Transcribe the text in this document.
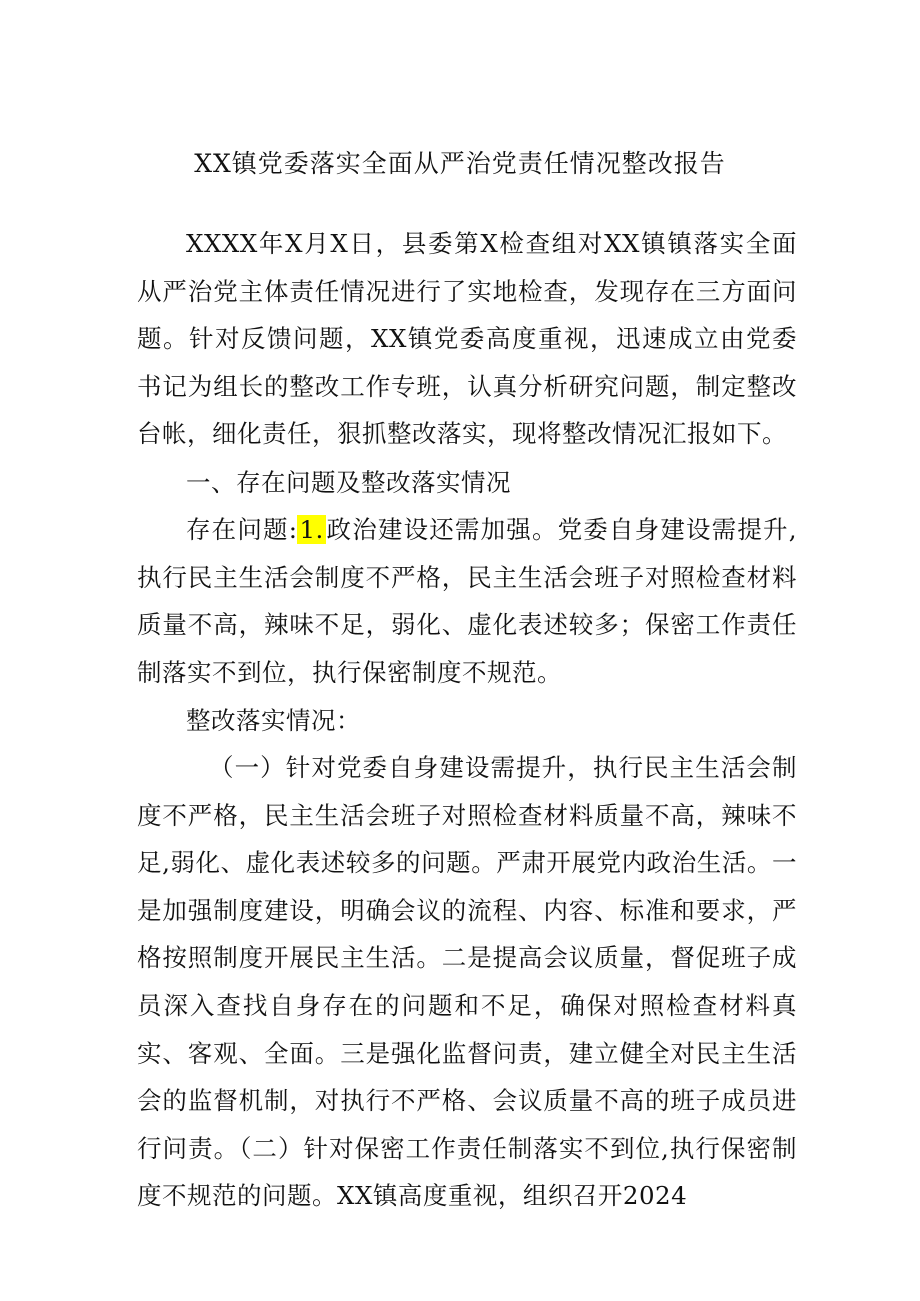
XX镇党委落实全面从严治党责任情况整改报告
XXXX年X月X日，县委第X检查组对XX镇镇落实全面从严治党主体责任情况进行了实地检查，发现存在三方面问题。针对反馈问题，XX镇党委高度重视，迅速成立由党委书记为组长的整改工作专班，认真分析研究问题，制定整改台帐，细化责任，狠抓整改落实，现将整改情况汇报如下。
一、存在问题及整改落实情况
存在问题:1.政治建设还需加强。党委自身建设需提升,执行民主生活会制度不严格，民主生活会班子对照检查材料质量不高，辣味不足，弱化、虚化表述较多；保密工作责任制落实不到位，执行保密制度不规范。
整改落实情况：
（一）针对党委自身建设需提升，执行民主生活会制度不严格，民主生活会班子对照检查材料质量不高，辣味不足,弱化、虚化表述较多的问题。严肃开展党内政治生活。一是加强制度建设，明确会议的流程、内容、标准和要求，严格按照制度开展民主生活。二是提高会议质量，督促班子成员深入查找自身存在的问题和不足，确保对照检查材料真实、客观、全面。三是强化监督问责，建立健全对民主生活会的监督机制，对执行不严格、会议质量不高的班子成员进行问责。（二）针对保密工作责任制落实不到位,执行保密制度不规范的问题。XX镇高度重视，组织召开2024
